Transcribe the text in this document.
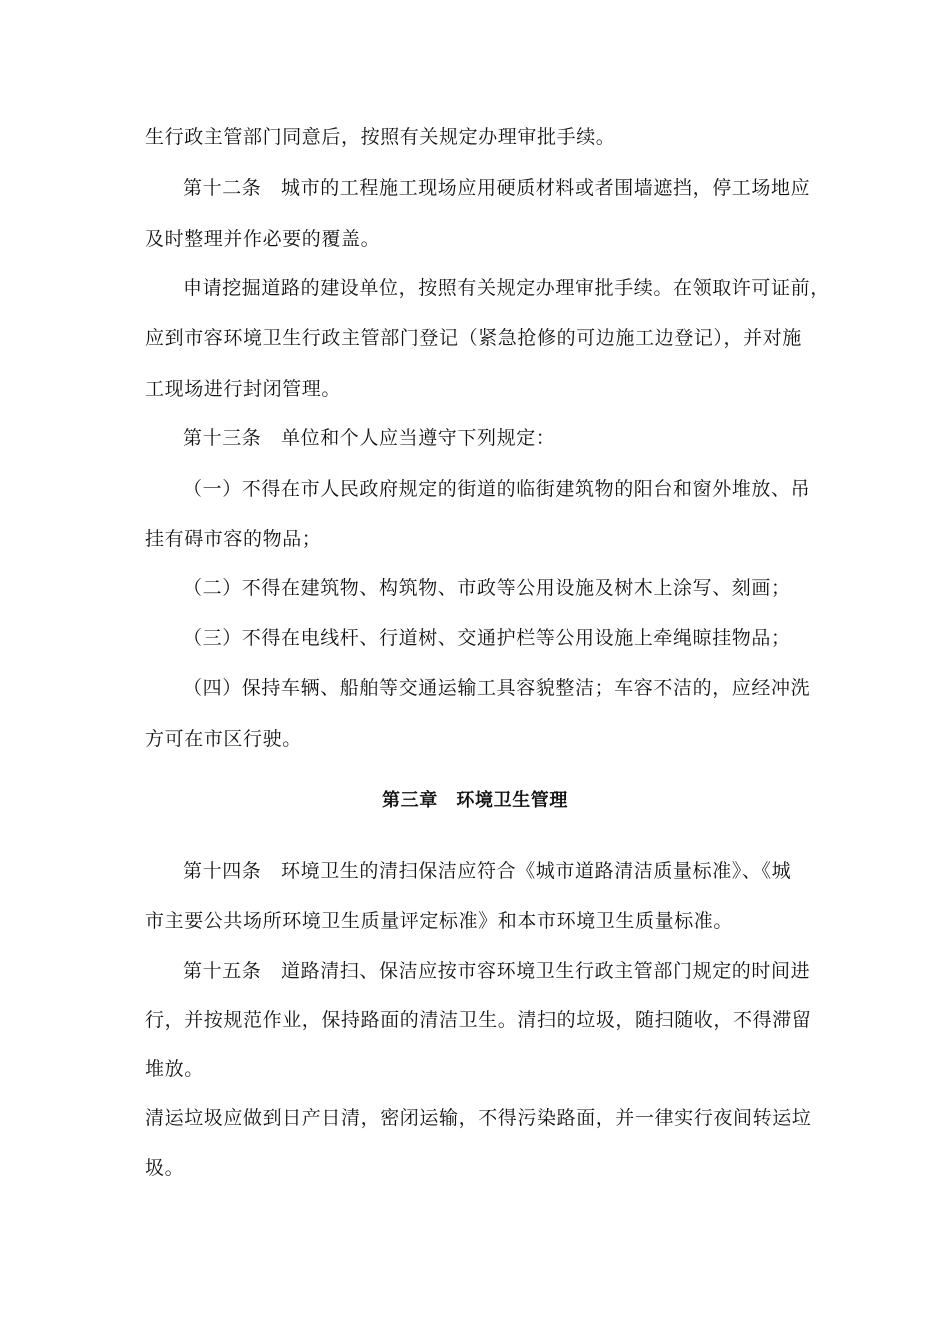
生行政主管部门同意后，按照有关规定办理审批手续。
第十二条　城市的工程施工现场应用硬质材料或者围墙遮挡，停工场地应
及时整理并作必要的覆盖。
申请挖掘道路的建设单位，按照有关规定办理审批手续。在领取许可证前，
应到市容环境卫生行政主管部门登记（紧急抢修的可边施工边登记），并对施
工现场进行封闭管理。
第十三条　单位和个人应当遵守下列规定：
（一）不得在市人民政府规定的街道的临街建筑物的阳台和窗外堆放、吊
挂有碍市容的物品；
（二）不得在建筑物、构筑物、市政等公用设施及树木上涂写、刻画；
（三）不得在电线杆、行道树、交通护栏等公用设施上牵绳晾挂物品；
（四）保持车辆、船舶等交通运输工具容貌整洁；车容不洁的，应经冲洗
方可在市区行驶。
第三章　环境卫生管理
第十四条　环境卫生的清扫保洁应符合《城市道路清洁质量标准》、《城
市主要公共场所环境卫生质量评定标准》和本市环境卫生质量标准。
第十五条　道路清扫、保洁应按市容环境卫生行政主管部门规定的时间进
行，并按规范作业，保持路面的清洁卫生。清扫的垃圾，随扫随收，不得滞留
堆放。
清运垃圾应做到日产日清，密闭运输，不得污染路面，并一律实行夜间转运垃
圾。
